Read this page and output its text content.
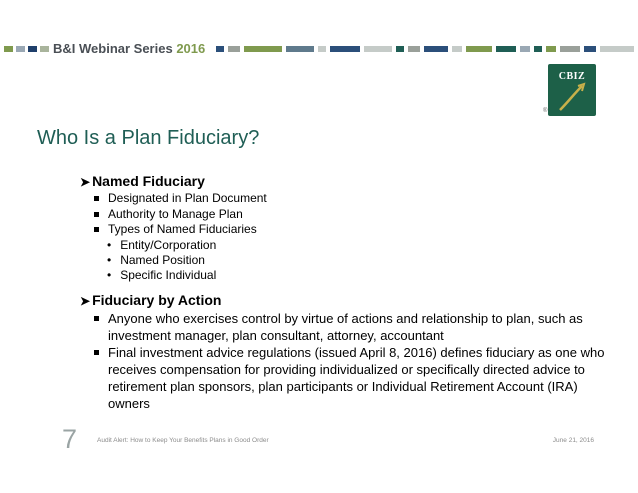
B&I Webinar Series 2016
CBIZ
®
Who Is a Plan Fiduciary?
➤ Named Fiduciary
Designated in Plan Document
Authority to Manage Plan
Types of Named Fiduciaries
• Entity/Corporation
• Named Position
• Specific Individual
➤ Fiduciary by Action
Anyone who exercises control by virtue of actions and relationship to plan, such as investment manager, plan consultant, attorney, accountant
Final investment advice regulations (issued April 8, 2016) defines fiduciary as one who receives compensation for providing individualized or specifically directed advice to retirement plan sponsors, plan participants or Individual Retirement Account (IRA) owners
7	Audit Alert: How to Keep Your Benefits Plans in Good Order	June 21, 2016
